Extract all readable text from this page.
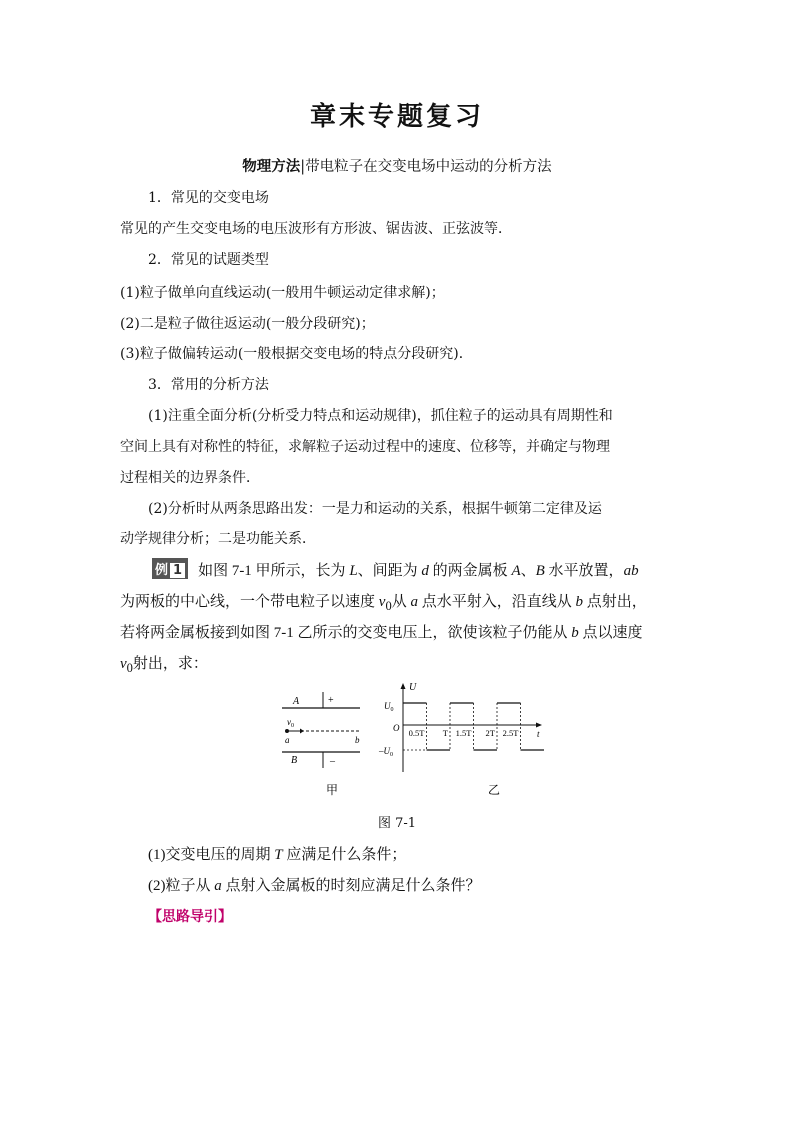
章末专题复习
物理方法|带电粒子在交变电场中运动的分析方法
1．常见的交变电场
常见的产生交变电场的电压波形有方形波、锯齿波、正弦波等．
2．常见的试题类型
(1)粒子做单向直线运动(一般用牛顿运动定律求解)；
(2)二是粒子做往返运动(一般分段研究)；
(3)粒子做偏转运动(一般根据交变电场的特点分段研究)．
3．常用的分析方法
(1)注重全面分析(分析受力特点和运动规律)，抓住粒子的运动具有周期性和
空间上具有对称性的特征，求解粒子运动过程中的速度、位移等，并确定与物理
过程相关的边界条件．
(2)分析时从两条思路出发：一是力和运动的关系，根据牛顿第二定律及运
动学规律分析；二是功能关系．
例 1 如图 7-1 甲所示，长为 L、间距为 d 的两金属板 A、B 水平放置，ab
为两板的中心线，一个带电粒子以速度 $v_0$从 a 点水平射入，沿直线从 b 点射出，
若将两金属板接到如图 7-1 乙所示的交变电压上，欲使该粒子仍能从 b 点以速度
$v_0$射出，求：
A	+
$v_0$
a	b
B	–
甲
U
$U_0$
O
$-U_0$
t
0.5T T 1.5T 2T 2.5T
乙
图 7-1
(1)交变电压的周期 T 应满足什么条件；
(2)粒子从 a 点射入金属板的时刻应满足什么条件？
【思路导引】
